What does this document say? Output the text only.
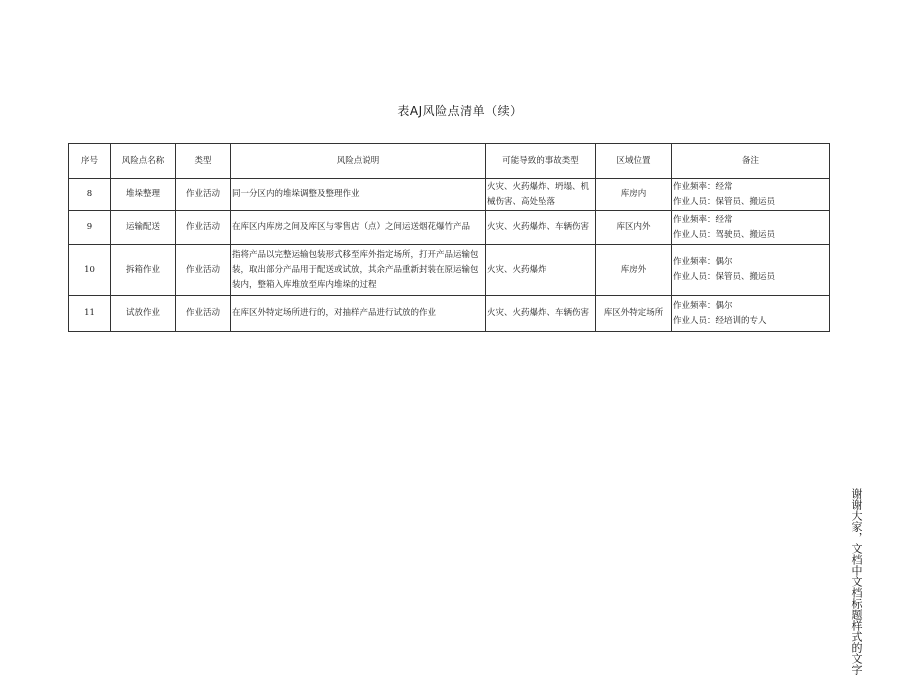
表AJ风险点清单（续）
序号	风险点名称	类型	风险点说明	可能导致的事故类型	区域位置	备注
8	堆垛整理	作业活动	同一分区内的堆垛调整及整理作业	火灾、火药爆炸、坍塌、机械伤害、高处坠落	库房内	作业频率：经常
作业人员：保管员、搬运员

9	运输配送	作业活动	在库区内库房之间及库区与零售店（点）之间运送烟花爆竹产品	火灾、火药爆炸、车辆伤害	库区内外	作业频率：经常
作业人员：驾驶员、搬运员

10	拆箱作业	作业活动	指将产品以完整运输包装形式移至库外指定场所，打开产品运输包装，取出部分产品用于配送或试放，其余产品重新封装在原运输包装内，整箱入库堆放至库内堆垛的过程	火灾、火药爆炸	库房外	作业频率：偶尔
作业人员：保管员、搬运员

11	试放作业	作业活动	在库区外特定场所进行的，对抽样产品进行试放的作业	火灾、火药爆炸、车辆伤害	库区外特定场所	作业频率：偶尔
作业人员：经培训的专人
谢谢大家，文档中文档标题样式的文字
